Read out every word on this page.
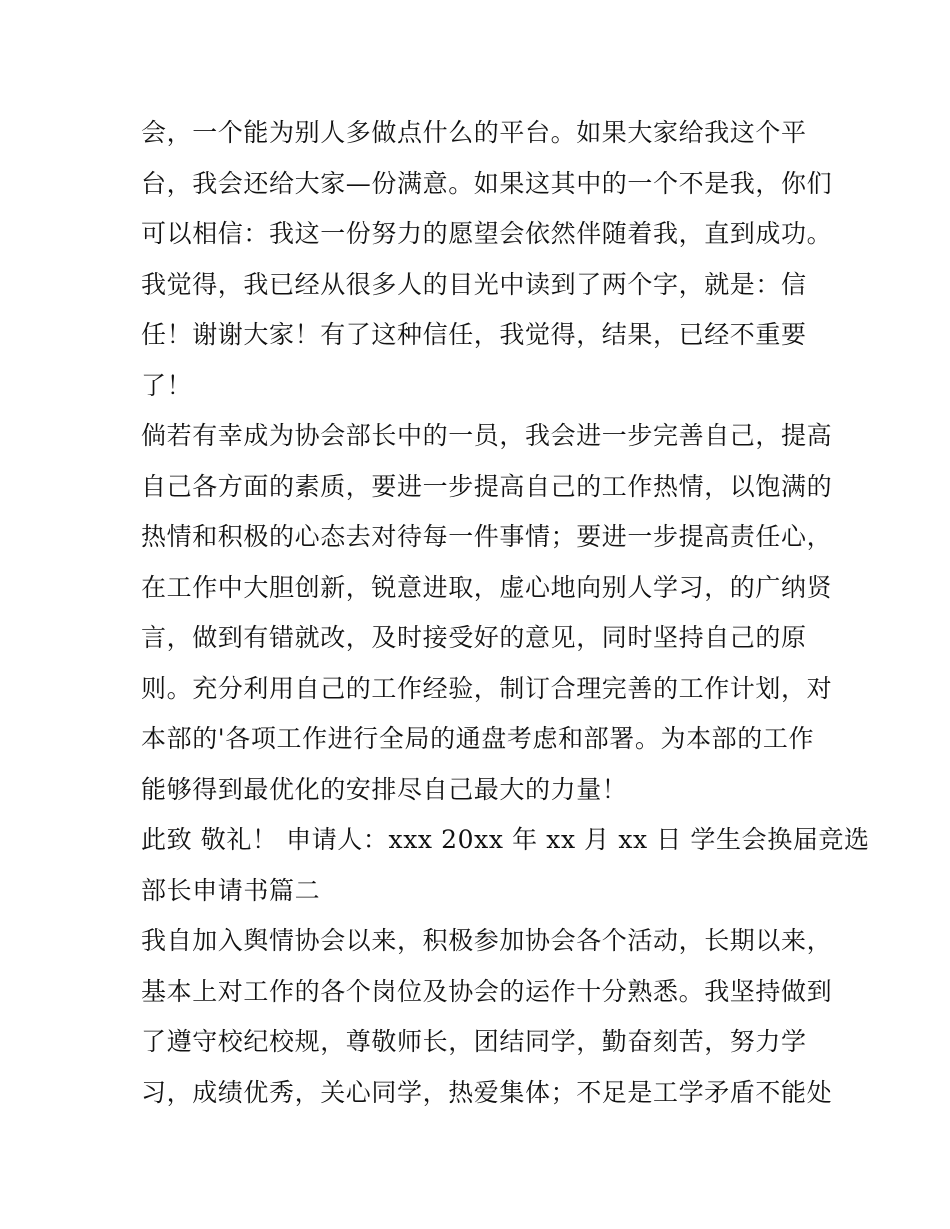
会，一个能为别人多做点什么的平台。如果大家给我这个平
台，我会还给大家—份满意。如果这其中的一个不是我，你们
可以相信：我这一份努力的愿望会依然伴随着我，直到成功。
我觉得，我已经从很多人的目光中读到了两个字，就是：信
任！谢谢大家！有了这种信任，我觉得，结果，已经不重要
了！
倘若有幸成为协会部长中的一员，我会进一步完善自己，提高
自己各方面的素质，要进一步提高自己的工作热情，以饱满的
热情和积极的心态去对待每一件事情；要进一步提高责任心，
在工作中大胆创新，锐意进取，虚心地向别人学习，的广纳贤
言，做到有错就改，及时接受好的意见，同时坚持自己的原
则。充分利用自己的工作经验，制订合理完善的工作计划，对
本部的'各项工作进行全局的通盘考虑和部署。为本部的工作
能够得到最优化的安排尽自己最大的力量！
此致 敬礼！ 申请人：xxx 20xx 年 xx 月 xx 日 学生会换届竞选
部长申请书篇二
我自加入舆情协会以来，积极参加协会各个活动，长期以来，
基本上对工作的各个岗位及协会的运作十分熟悉。我坚持做到
了遵守校纪校规，尊敬师长，团结同学，勤奋刻苦，努力学
习，成绩优秀，关心同学，热爱集体；不足是工学矛盾不能处
